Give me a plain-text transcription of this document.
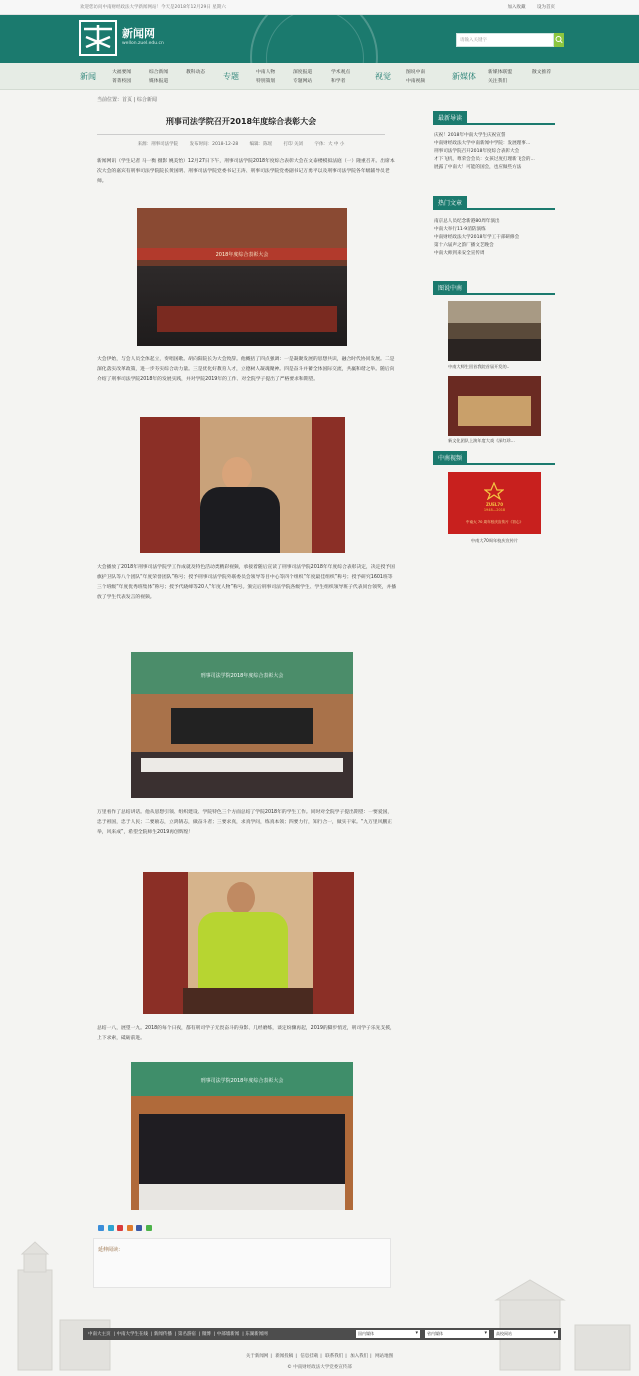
欢迎您访问中南财经政法大学新闻网站！今天是2018年12月29日 星期六	加入收藏	设为首页
新闻网
wellon.zuel.edu.cn
请输入关键字
新闻	大福要闻
菁菁校园
综合新闻
媒体报道
教科动态 专题	中南人物
特别策划
深度报道
专题网站
学术观点
和学者
视觉	图说中南
中南视频
新媒体	新媒体联盟
关注我们
散文推荐
当前位置：首页 | 综合新闻
刑事司法学院召开2018年度综合表彰大会
来源：刑事司法学院	发布时间：2018-12-28	编辑：陈瑶	打印 关闭	字体：大 中 小
新闻网讯（学生记者 马一衡 摄影 姚美怡）12月27日下午，刑事司法学院2018年度综合表彰大会在文泰楼模拟法庭（一）隆重召开。出席本次大会的嘉宾有刑事司法学院院长黄国明、刑事司法学院党委书记王涛、刑事司法学院党委副书记万勇平以及刑事司法学院各年级辅导员老师。
2018年度综合表彰大会
大会伊始，与会人员全体起立，奏唱国歌。胡向阳院长为大会致辞。他概括了四点强调：一是凝聚发展的思想共识，融合时代协同发展。二是深化落实改革政策，进一步夯实综合动力量。三是优化好教育人才，立德树人凝魂聚神。四是奋斗并蓄全体国际交流，共赢和谐之举。随后向介绍了刑事司法学院2018年的发展实践，并对学院2019年的工作、对全院学子提出了严格要求和期望。
大会播放了2018年刑事司法学院学工作成就及特色活动类精彩视频，承接着随后宣读了刑事司法学院2018年年度综合表彰决定，决定授予国旗护卫队等八个团队“年度荣誉团队”称号；授予刑事司法学院外联委员会领导等目中心等四个组织“年度最佳组织”称号；授予研究1601班等三个班级“年度优秀班集体”称号；授予代晓峰等20人“年度人物”称号。颁完后刑事司法学院各级学生、学生组织领导班子代表同台领奖，并播放了学生代表发言的视频。
刑事司法学院2018年度综合表彰大会
万里看作了总结讲话。他从思想引领、组织建设、学院特色三个方面总结了学院2018年的学生工作。同时对全院学子提出期望：一要爱国，忠于祖国，忠于人民；二要励志，立鸿鹄志，做奋斗者；三要求真，求真学问，练真本领；四要力行，知行合一，做实干家。“九万里风鹏正举，风来成”，希望全院师生2019再创辉煌！
总结一八，展望一九。2018的每个日夜，都有刑司学子无畏奋斗的身影、几经磨练，谈定纷骤再起，2019的脚步悄近，刑司学子乐先支援，上下求索，砥砺前进。
刑事司法学院2018年度综合表彰大会

延伸阅读：
最新导读
庆祝！2018年中南大学生庆祝宣誓
中南财经政法大学中南新闻中学院：发展理事...
刑事司法学院召开2018年度综合表彰大会
才下飞机，尊荣会会员：女孩过度打理新飞会的...
展露了中南大！可能的国会，也应做些方法
热门文章
南京总人员纪念新港80周年演出
中南大举行11·9消防演练
中南财经政法大学2018年学工干部研修会
第十六届声之韵厂播文艺晚会
中南大师到来安全宣传周
图说中南
中南大师生回首我院首届开发的..
新文化团队上演年度大戏《深红珍...
中南视频
ZUEL70
1948—2018
中南大 70 周年校庆宣传片《初心》
中南大70周年校庆宣传片
中南大主页 | 中南大学生在线 | 新闻传播 | 第名游宿 | 微博 | 中部墙新闻 | 东湖新闻网	国内媒体 ▾	省内媒体 ▾	高校网站 ▾
关于新闻网 | 新闻投稿 | 信息挂载 | 联系我们 | 加入我们 | 网站地图
© 中南财经政法大学党委宣传部
